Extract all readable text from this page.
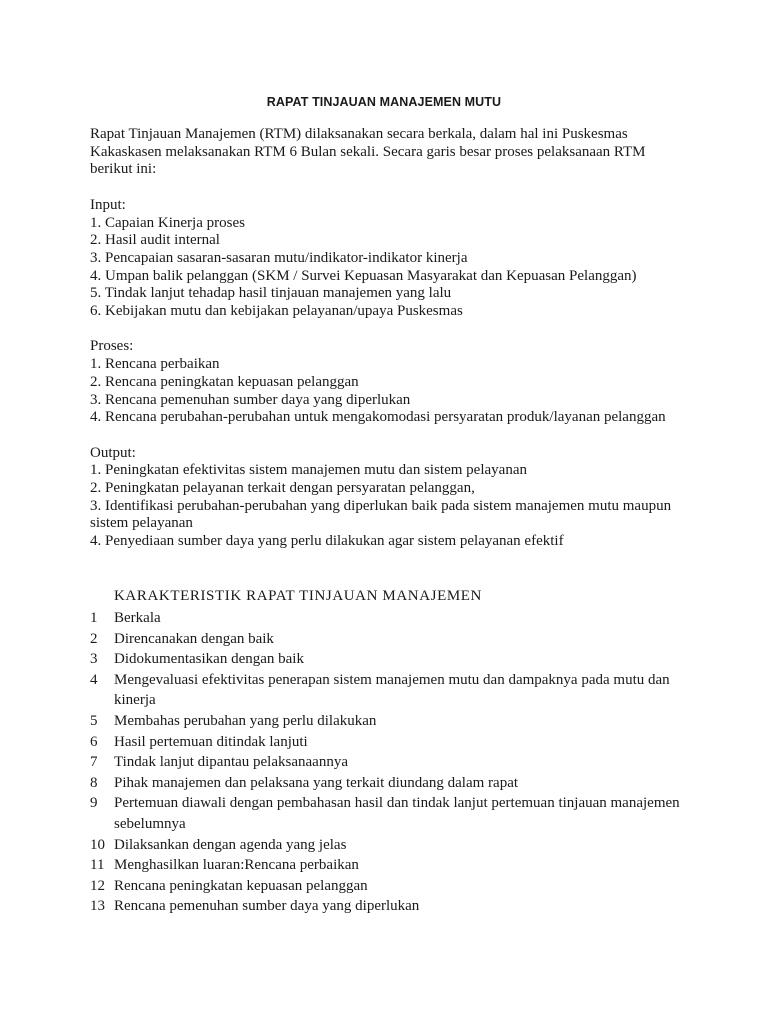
RAPAT TINJAUAN MANAJEMEN MUTU
Rapat Tinjauan Manajemen (RTM) dilaksanakan secara berkala, dalam hal ini Puskesmas Kakaskasen melaksanakan RTM 6 Bulan sekali. Secara garis besar proses pelaksanaan RTM berikut ini:
Input:
1. Capaian Kinerja proses
2. Hasil audit internal
3. Pencapaian sasaran-sasaran mutu/indikator-indikator kinerja
4. Umpan balik pelanggan (SKM / Survei Kepuasan Masyarakat dan Kepuasan Pelanggan)
5. Tindak lanjut tehadap hasil tinjauan manajemen yang lalu
6. Kebijakan mutu dan kebijakan pelayanan/upaya Puskesmas
Proses:
1. Rencana perbaikan
2. Rencana peningkatan kepuasan pelanggan
3. Rencana pemenuhan sumber daya yang diperlukan
4. Rencana perubahan-perubahan untuk mengakomodasi persyaratan produk/layanan pelanggan
Output:
1. Peningkatan efektivitas sistem manajemen mutu dan sistem pelayanan
2. Peningkatan pelayanan terkait dengan persyaratan pelanggan,
3. Identifikasi perubahan-perubahan yang diperlukan baik pada sistem manajemen mutu maupun sistem pelayanan
4. Penyediaan sumber daya yang perlu dilakukan agar sistem pelayanan efektif
KARAKTERISTIK RAPAT TINJAUAN MANAJEMEN
1	Berkala
2	Direncanakan dengan baik
3	Didokumentasikan dengan baik
4	Mengevaluasi efektivitas penerapan sistem manajemen mutu dan dampaknya pada mutu dan kinerja
5	Membahas perubahan yang perlu dilakukan
6	Hasil pertemuan ditindak lanjuti
7	Tindak lanjut dipantau pelaksanaannya
8	Pihak manajemen dan pelaksana yang terkait diundang dalam rapat
9	Pertemuan diawali dengan pembahasan hasil dan tindak lanjut pertemuan tinjauan manajemen sebelumnya
10 Dilaksankan dengan agenda yang jelas
11 Menghasilkan luaran:Rencana perbaikan
12 Rencana peningkatan kepuasan pelanggan
13 Rencana pemenuhan sumber daya yang diperlukan
